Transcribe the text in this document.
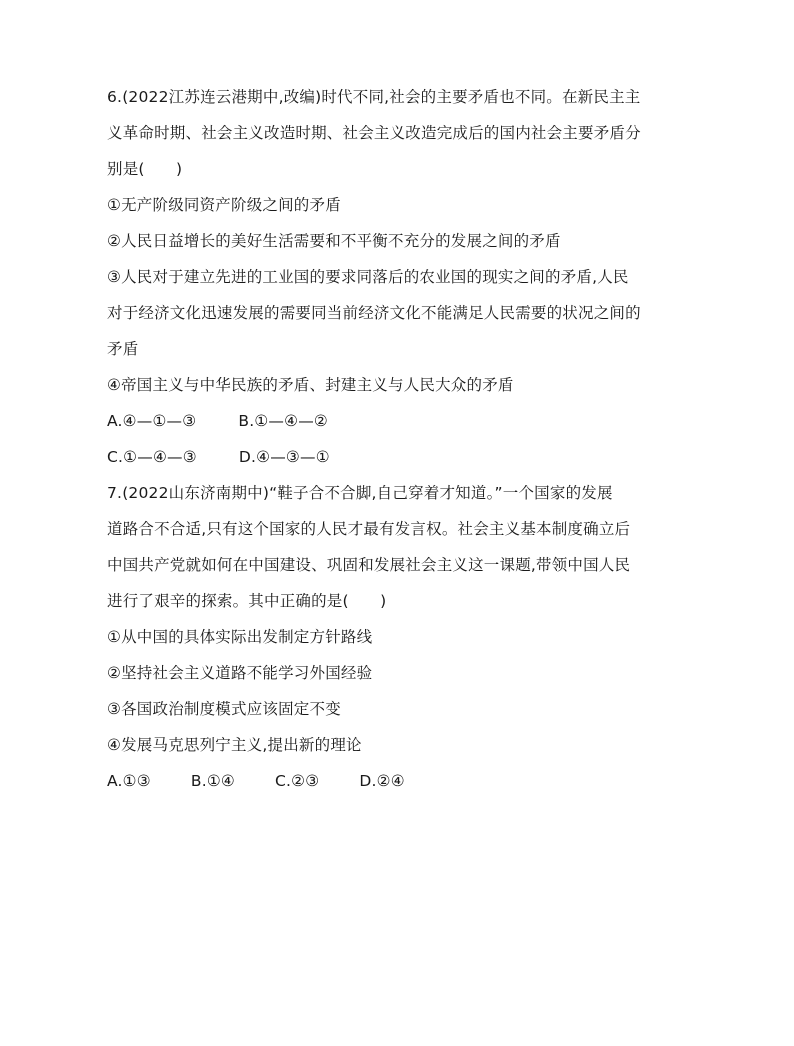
6.(2022江苏连云港期中,改编)时代不同,社会的主要矛盾也不同。在新民主主
义革命时期、社会主义改造时期、社会主义改造完成后的国内社会主要矛盾分
别是(　　)
①无产阶级同资产阶级之间的矛盾
②人民日益增长的美好生活需要和不平衡不充分的发展之间的矛盾
③人民对于建立先进的工业国的要求同落后的农业国的现实之间的矛盾,人民
对于经济文化迅速发展的需要同当前经济文化不能满足人民需要的状况之间的
矛盾
④帝国主义与中华民族的矛盾、封建主义与人民大众的矛盾
A.④—①—③	B.①—④—②
C.①—④—③	D.④—③—①
7.(2022山东济南期中)“鞋子合不合脚,自己穿着才知道。”一个国家的发展
道路合不合适,只有这个国家的人民才最有发言权。社会主义基本制度确立后
中国共产党就如何在中国建设、巩固和发展社会主义这一课题,带领中国人民
进行了艰辛的探索。其中正确的是(　　)
①从中国的具体实际出发制定方针路线
②坚持社会主义道路不能学习外国经验
③各国政治制度模式应该固定不变
④发展马克思列宁主义,提出新的理论
A.①③	B.①④	C.②③	D.②④
